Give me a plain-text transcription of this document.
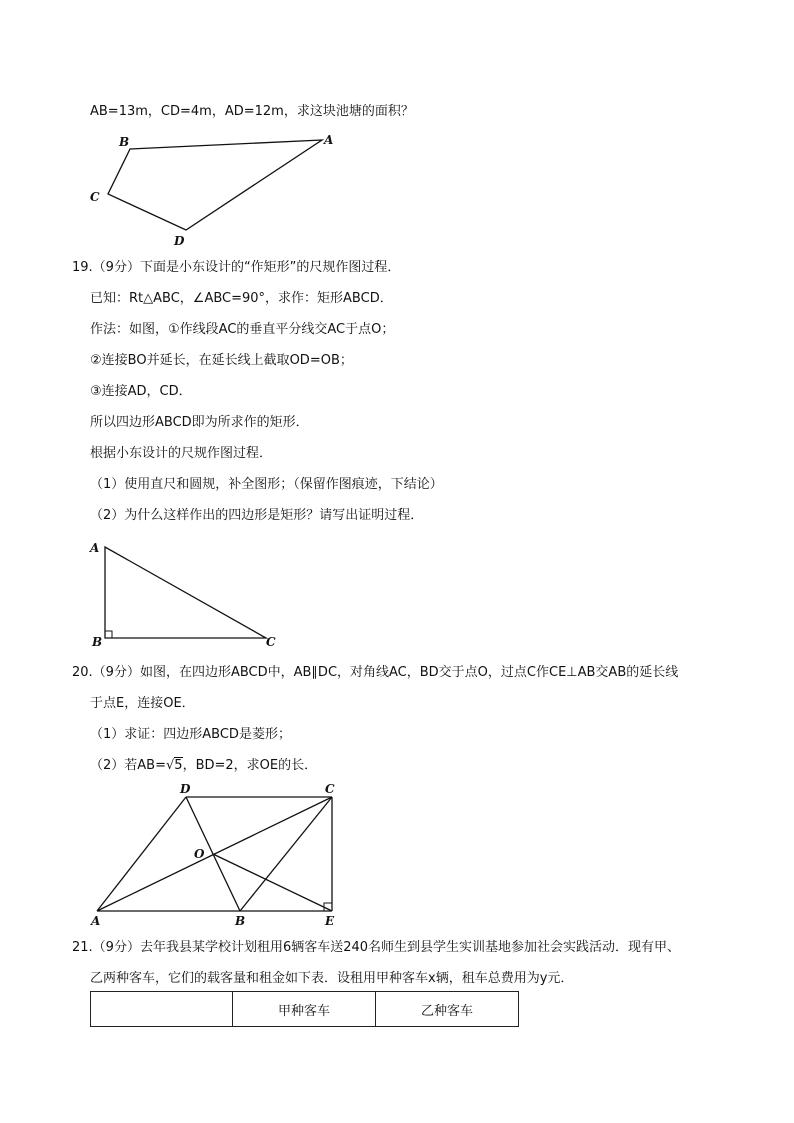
AB=13m，CD=4m，AD=12m，求这块池塘的面积？
B	A
C
D
19.（9分）下面是小东设计的“作矩形”的尺规作图过程．
已知：Rt△ABC，∠ABC=90°，求作：矩形ABCD．
作法：如图，①作线段AC的垂直平分线交AC于点O；
②连接BO并延长，在延长线上截取OD=OB；
③连接AD，CD．
所以四边形ABCD即为所求作的矩形．
根据小东设计的尺规作图过程．
（1）使用直尺和圆规，补全图形；（保留作图痕迹，下结论）
（2）为什么这样作出的四边形是矩形？请写出证明过程．
A
B	C
20.（9分）如图，在四边形ABCD中，AB∥DC，对角线AC，BD交于点O，过点C作CE⊥AB交AB的延长线
于点E，连接OE．
（1）求证：四边形ABCD是菱形；
（2）若AB=√5，BD=2，求OE的长．
D	C
O
A	B	E
21.（9分）去年我县某学校计划租用6辆客车送240名师生到县学生实训基地参加社会实践活动．现有甲、
乙两种客车，它们的载客量和租金如下表．设租用甲种客车x辆，租车总费用为y元．
	甲种客车	乙种客车
